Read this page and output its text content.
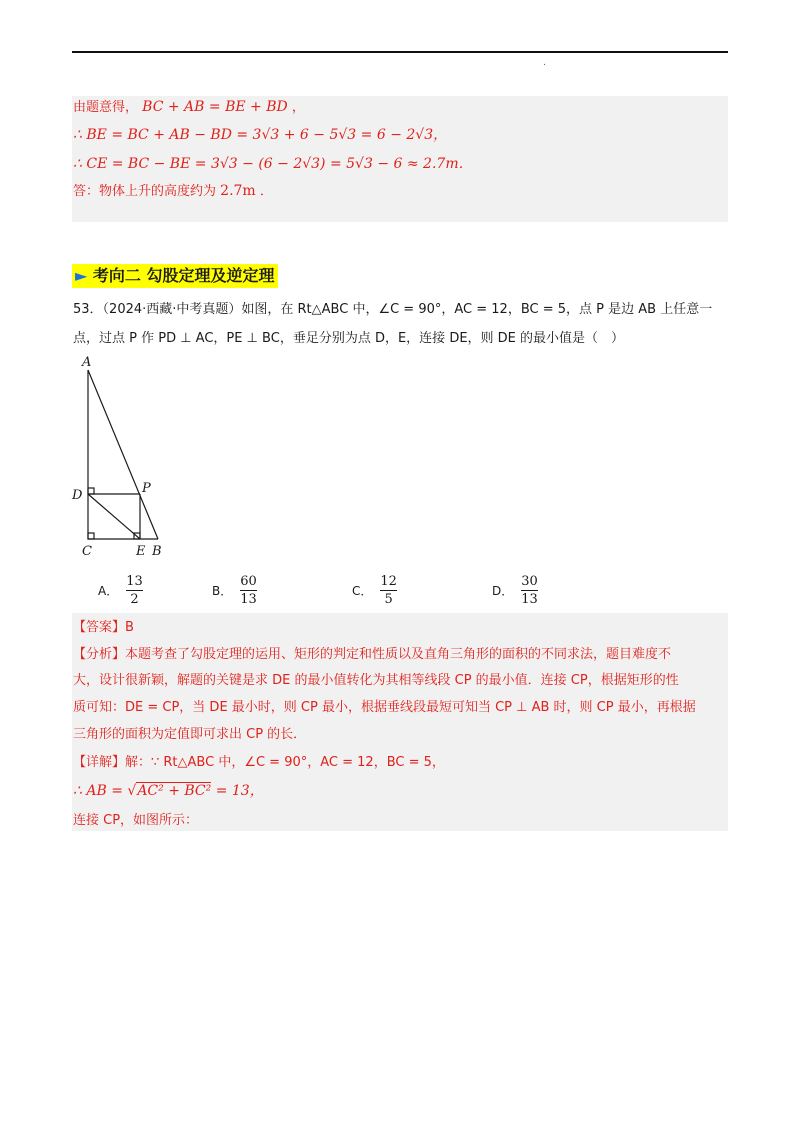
.
由题意得， BC + AB = BE + BD ，
∴ BE = BC + AB − BD = 3√3 + 6 − 5√3 = 6 − 2√3，
∴ CE = BC − BE = 3√3 − (6 − 2√3) = 5√3 − 6 ≈ 2.7m．
答：物体上升的高度约为 2.7m ．
► 考向二 勾股定理及逆定理
53．（2024·西藏·中考真题）如图，在 Rt△ABC 中，∠C = 90°，AC = 12，BC = 5，点 P 是边 AB 上任意一
点，过点 P 作 PD ⊥ AC，PE ⊥ BC，垂足分别为点 D，E，连接 DE，则 DE 的最小值是（　）
A
D	P
C	E B
A． $\frac{13}{2}$	B． $\frac{60}{13}$	C． $\frac{12}{5}$	D． $\frac{30}{13}$
【答案】B
【分析】本题考查了勾股定理的运用、矩形的判定和性质以及直角三角形的面积的不同求法，题目难度不
大，设计很新颖，解题的关键是求 DE 的最小值转化为其相等线段 CP 的最小值．连接 CP，根据矩形的性
质可知：DE = CP，当 DE 最小时，则 CP 最小，根据垂线段最短可知当 CP ⊥ AB 时，则 CP 最小，再根据
三角形的面积为定值即可求出 CP 的长．
【详解】解：∵ Rt△ABC 中，∠C = 90°，AC = 12，BC = 5，
∴ AB = √AC² + BC² = 13，
连接 CP，如图所示：
